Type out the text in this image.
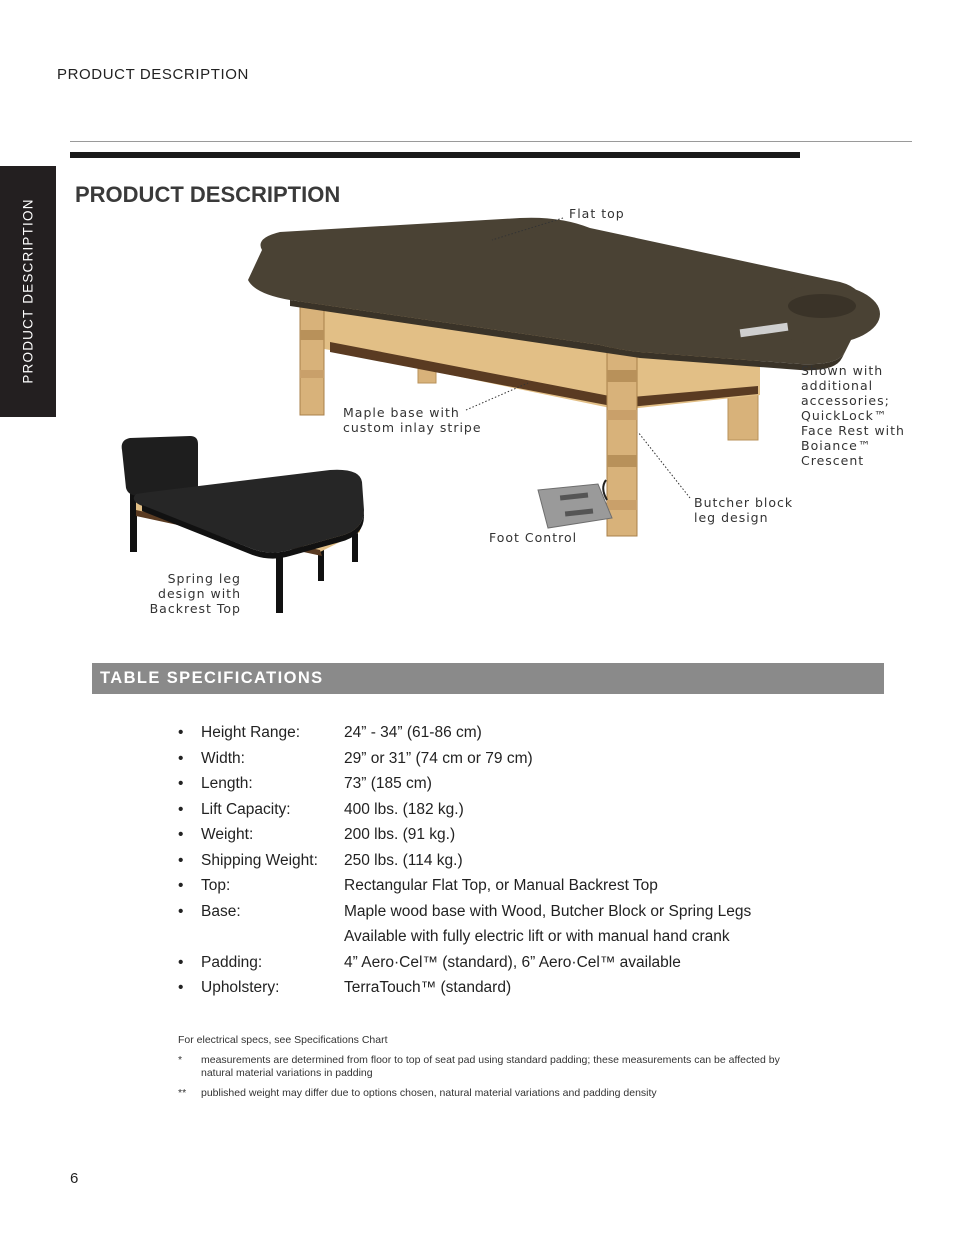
PRODUCT DESCRIPTION
PRODUCT DESCRIPTION
PRODUCT DESCRIPTION
Flat top
Shown with
additional
accessories;
QuickLock™
Face Rest with
Boiance™
Crescent
Maple base with
custom inlay stripe
Butcher block
leg design
Foot Control
Spring leg
design with
Backrest Top
TABLE SPECIFICATIONS
•	Height Range:	24” - 34” (61-86 cm)
•	Width:	29” or 31” (74 cm or 79 cm)
•	Length:	73” (185 cm)
•	Lift Capacity:	400 lbs. (182 kg.)
•	Weight:	200 lbs. (91 kg.)
•	Shipping Weight:	250 lbs. (114 kg.)
•	Top:	Rectangular Flat Top, or Manual Backrest Top
•	Base:	Maple wood base with Wood, Butcher Block or Spring Legs
Available with fully electric lift or with manual hand crank
•	Padding:	4” Aero·Cel™ (standard), 6” Aero·Cel™ available
•	Upholstery:	TerraTouch™ (standard)
For electrical specs, see Specifications Chart
*	measurements are determined from floor to top of seat pad using standard padding; these measurements can be affected by natural material variations in padding
**	published weight may differ due to options chosen, natural material variations and padding density
6
